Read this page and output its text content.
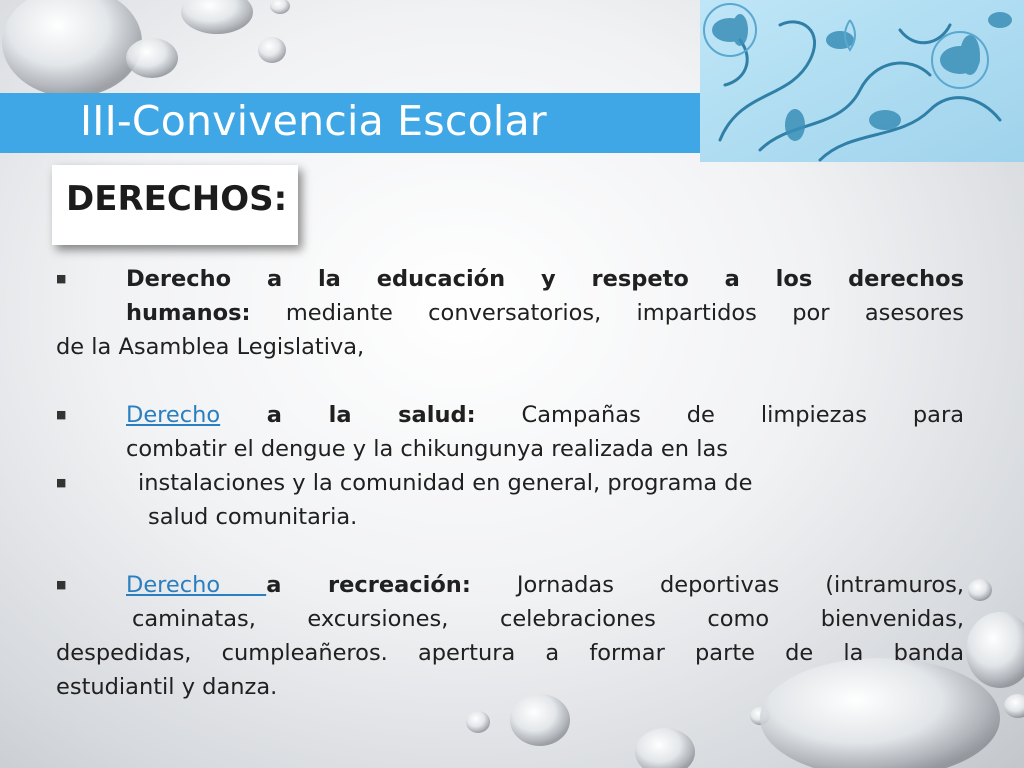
III-Convivencia Escolar
DERECHOS:
■	Derecho a la educación y respeto a los derechos
humanos: mediante conversatorios, impartidos por asesores
de la Asamblea Legislativa,
■	Derecho a la salud: Campañas de limpiezas para
combatir el dengue y la chikungunya realizada en las
■	instalaciones y la comunidad en general, programa de
salud comunitaria.
■	Derecho a recreación: Jornadas deportivas (intramuros,
caminatas, excursiones, celebraciones como bienvenidas,
despedidas, cumpleañeros. apertura a formar parte de la banda
estudiantil y danza.
